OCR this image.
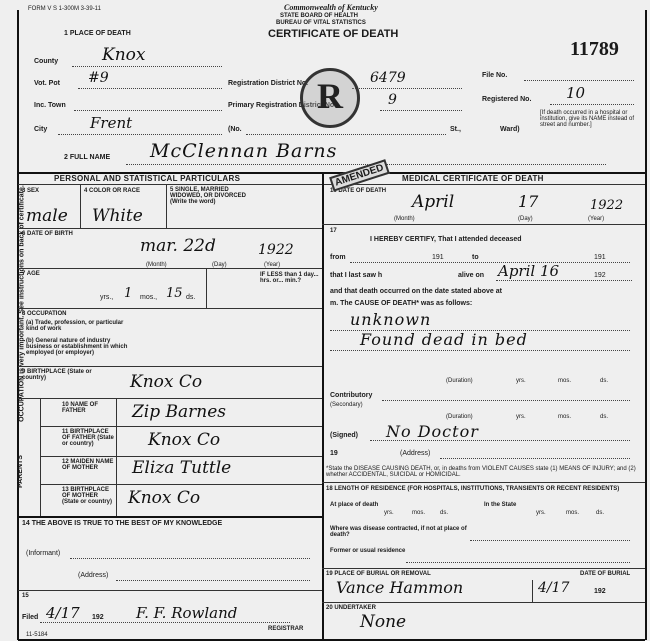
OCCUPATION is very important. See instructions on back of certificate.
FORM V S 1-300M 3-39-11	Commonwealth of Kentucky
STATE BOARD OF HEALTH
BUREAU OF VITAL STATISTICS
CERTIFICATE OF DEATH
11789
1 PLACE OF DEATH
County	Knox
Vot. Pot #9	Registration District No.	6479
Inc. Town	Primary Registration District No.	9
City	Frent	(No.	St.,	Ward)
File No.
Registered No. 10
[If death occurred in a hospital or institution, give its NAME instead of street and number.]
R
2 FULL NAME McClennan Barns
PERSONAL AND STATISTICAL PARTICULARS	MEDICAL CERTIFICATE OF DEATH
3 SEX
male
4 COLOR OR RACE
White
5 SINGLE, MARRIED WIDOWED, OR DIVORCED (Write the word)
6 DATE OF BIRTH
mar. 22d	1922
(Month)	(Day)	(Year)
7 AGE
yrs., 1 mos., 15 ds.
IF LESS than 1 day... hrs. or... min.?
8 OCCUPATION
(a) Trade, profession, or particular kind of work
(b) General nature of industry business or establishment in which employed (or employer)
9 BIRTHPLACE (State or country)	Knox Co
PARENTS
10 NAME OF FATHER	Zip Barnes
11 BIRTHPLACE OF FATHER (State or country)	Knox Co
12 MAIDEN NAME OF MOTHER	Eliza Tuttle
13 BIRTHPLACE OF MOTHER (State or country) Knox Co
14 THE ABOVE IS TRUE TO THE BEST OF MY KNOWLEDGE
(Informant)
(Address)
15
Filed 4/17 192 F. F. Rowland
REGISTRAR
11-5184
16 DATE OF DEATH
April	17	1922
(Month)	(Day)	(Year)
AMENDED
17
I HEREBY CERTIFY, That I attended deceased
from	191	to	191
that I last saw h	alive on April 16	192
and that death occurred on the date stated above at
m. The CAUSE OF DEATH* was as follows:
unknown
Found dead in bed
(Duration)	yrs.	mos.	ds.
Contributory
(Secondary)
(Duration)	yrs.	mos.	ds.
(Signed) No Doctor
19	(Address)
*State the DISEASE CAUSING DEATH, or, in deaths from VIOLENT CAUSES state (1) MEANS OF INJURY; and (2) whether ACCIDENTAL, SUICIDAL or HOMICIDAL.
18 LENGTH OF RESIDENCE (FOR HOSPITALS, INSTITUTIONS, TRANSIENTS OR RECENT RESIDENTS)
At place of death
yrs.	mos. ds.
In the State
yrs.	mos.	ds.
Where was disease contracted, if not at place of death?
Former or usual residence
19 PLACE OF BURIAL OR REMOVAL	DATE OF BURIAL
Vance Hammon	4/17	192
20 UNDERTAKER
None
